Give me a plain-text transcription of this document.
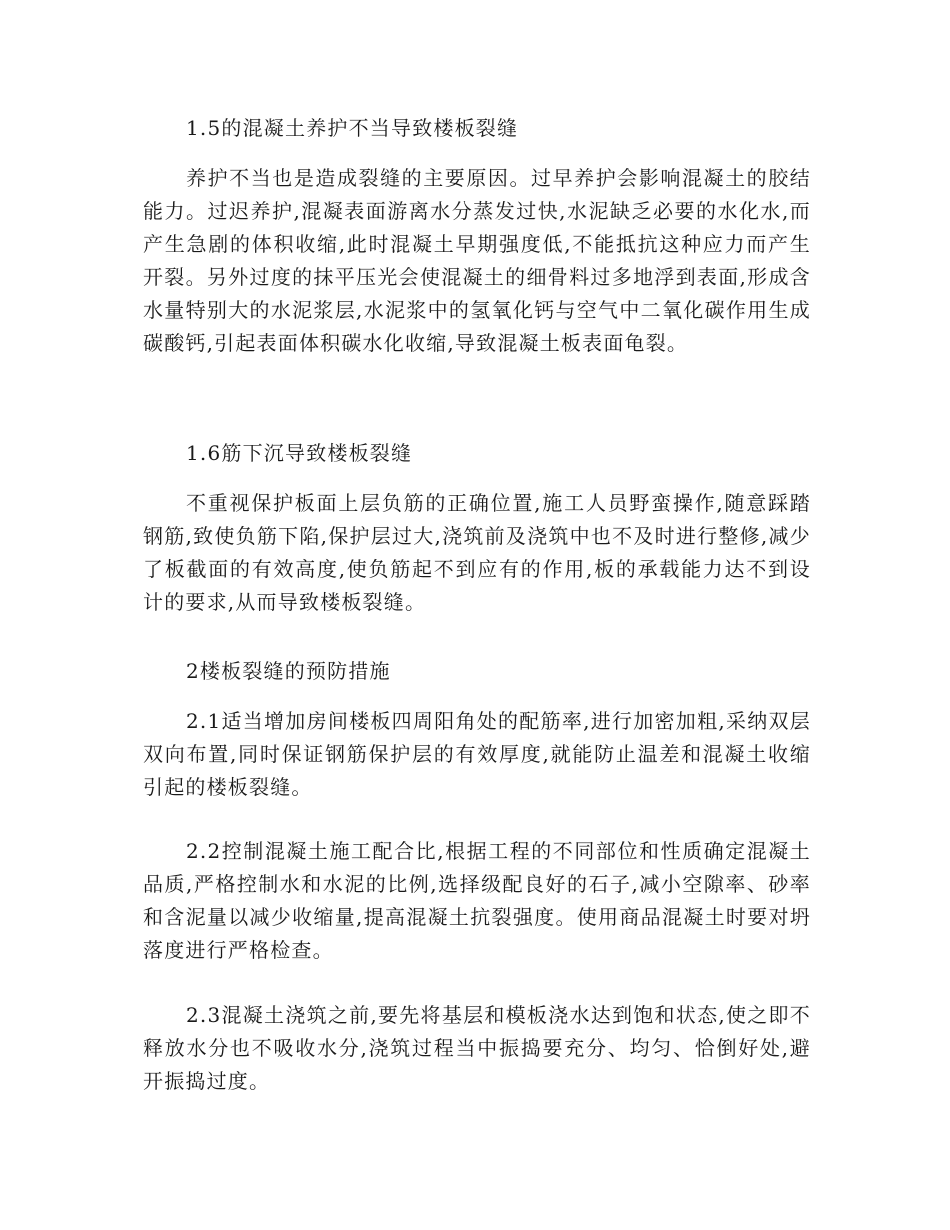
1.5的混凝土养护不当导致楼板裂缝

养护不当也是造成裂缝的主要原因。过早养护会影响混凝土的胶结能力。过迟养护,混凝表面游离水分蒸发过快,水泥缺乏必要的水化水,而产生急剧的体积收缩,此时混凝土早期强度低,不能抵抗这种应力而产生开裂。另外过度的抹平压光会使混凝土的细骨料过多地浮到表面,形成含水量特别大的水泥浆层,水泥浆中的氢氧化钙与空气中二氧化碳作用生成碳酸钙,引起表面体积碳水化收缩,导致混凝土板表面龟裂。

1.6筋下沉导致楼板裂缝

不重视保护板面上层负筋的正确位置,施工人员野蛮操作,随意踩踏钢筋,致使负筋下陷,保护层过大,浇筑前及浇筑中也不及时进行整修,减少了板截面的有效高度,使负筋起不到应有的作用,板的承载能力达不到设计的要求,从而导致楼板裂缝。

2楼板裂缝的预防措施

2.1适当增加房间楼板四周阳角处的配筋率,进行加密加粗,采纳双层双向布置,同时保证钢筋保护层的有效厚度,就能防止温差和混凝土收缩引起的楼板裂缝。

2.2控制混凝土施工配合比,根据工程的不同部位和性质确定混凝土品质,严格控制水和水泥的比例,选择级配良好的石子,减小空隙率、砂率和含泥量以减少收缩量,提高混凝土抗裂强度。使用商品混凝土时要对坍落度进行严格检查。

2.3混凝土浇筑之前,要先将基层和模板浇水达到饱和状态,使之即不释放水分也不吸收水分,浇筑过程当中振捣要充分、均匀、恰倒好处,避开振捣过度。
